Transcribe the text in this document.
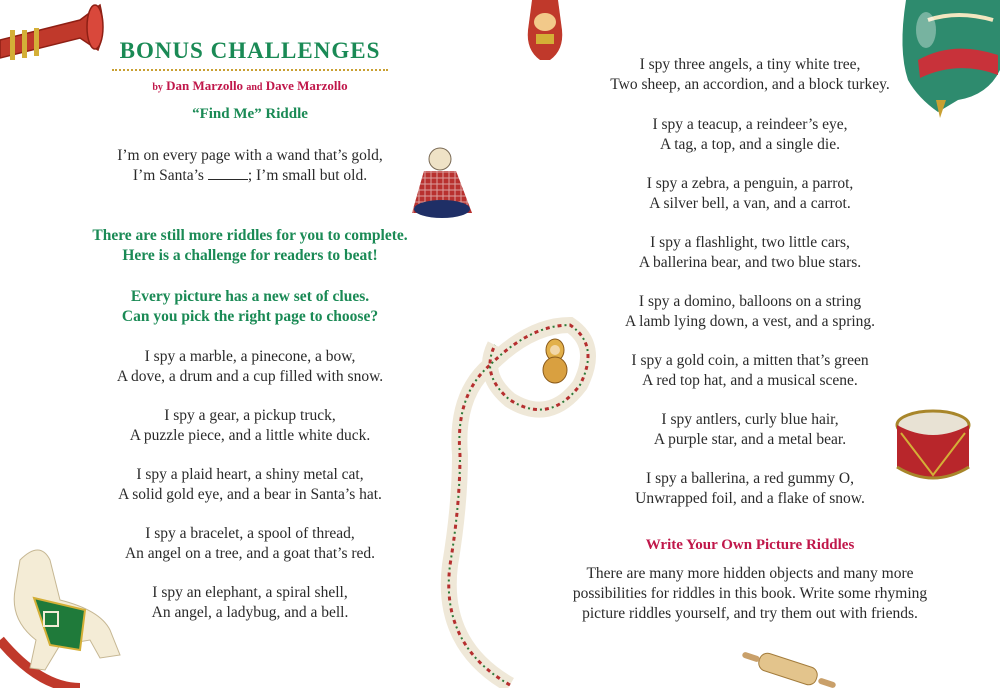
BONUS CHALLENGES
by Dan Marzollo and Dave Marzollo
“Find Me” Riddle
I’m on every page with a wand that’s gold,
I’m Santa’s	; I’m small but old.
There are still more riddles for you to complete.
Here is a challenge for readers to beat!
Every picture has a new set of clues.
Can you pick the right page to choose?
I spy a marble, a pinecone, a bow,
A dove, a drum and a cup filled with snow.
I spy a gear, a pickup truck,
A puzzle piece, and a little white duck.
I spy a plaid heart, a shiny metal cat,
A solid gold eye, and a bear in Santa’s hat.
I spy a bracelet, a spool of thread,
An angel on a tree, and a goat that’s red.
I spy an elephant, a spiral shell,
An angel, a ladybug, and a bell.
I spy three angels, a tiny white tree,
Two sheep, an accordion, and a block turkey.
I spy a teacup, a reindeer’s eye,
A tag, a top, and a single die.
I spy a zebra, a penguin, a parrot,
A silver bell, a van, and a carrot.
I spy a flashlight, two little cars,
A ballerina bear, and two blue stars.
I spy a domino, balloons on a string
A lamb lying down, a vest, and a spring.
I spy a gold coin, a mitten that’s green
A red top hat, and a musical scene.
I spy antlers, curly blue hair,
A purple star, and a metal bear.
I spy a ballerina, a red gummy O,
Unwrapped foil, and a flake of snow.
Write Your Own Picture Riddles
There are many more hidden objects and many more
possibilities for riddles in this book. Write some rhyming
picture riddles yourself, and try them out with friends.
